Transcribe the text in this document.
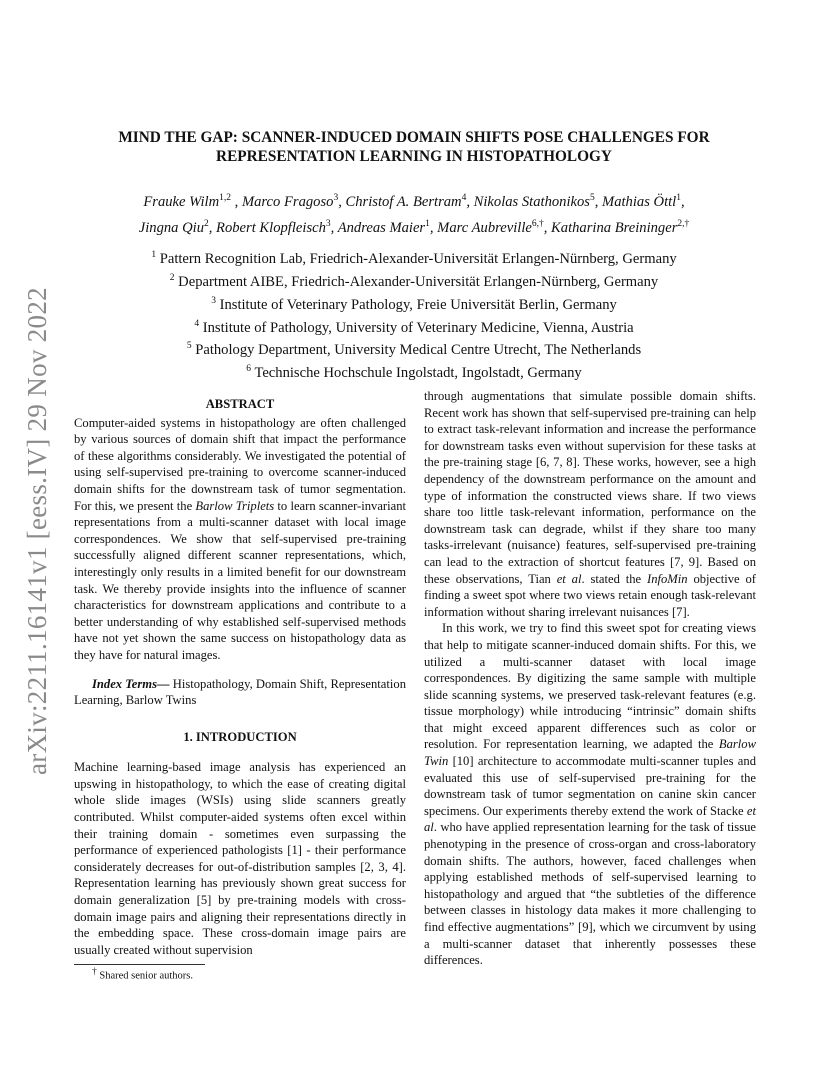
arXiv:2211.16141v1 [eess.IV] 29 Nov 2022
MIND THE GAP: SCANNER-INDUCED DOMAIN SHIFTS POSE CHALLENGES FOR
REPRESENTATION LEARNING IN HISTOPATHOLOGY
Frauke Wilm$^{1,2}$ , Marco Fragoso$^3$, Christof A. Bertram$^4$, Nikolas Stathonikos$^5$, Mathias Öttl$^1$,
Jingna Qiu$^2$, Robert Klopfleisch$^3$, Andreas Maier$^1$, Marc Aubreville$^{6,\dagger}$, Katharina Breininger$^{2,\dagger}$
$^1$ Pattern Recognition Lab, Friedrich-Alexander-Universität Erlangen-Nürnberg, Germany
$^2$ Department AIBE, Friedrich-Alexander-Universität Erlangen-Nürnberg, Germany
$^3$ Institute of Veterinary Pathology, Freie Universität Berlin, Germany
$^4$ Institute of Pathology, University of Veterinary Medicine, Vienna, Austria
$^5$ Pathology Department, University Medical Centre Utrecht, The Netherlands
$^6$ Technische Hochschule Ingolstadt, Ingolstadt, Germany
ABSTRACT

Computer-aided systems in histopathology are often challenged by various sources of domain shift that impact the performance of these algorithms considerably. We investigated the potential of using self-supervised pre-training to overcome scanner-induced domain shifts for the downstream task of tumor segmentation. For this, we present the Barlow Triplets to learn scanner-invariant representations from a multi-scanner dataset with local image correspondences. We show that self-supervised pre-training successfully aligned different scanner representations, which, interestingly only results in a limited benefit for our downstream task. We thereby provide insights into the influence of scanner characteristics for downstream applications and contribute to a better understanding of why established self-supervised methods have not yet shown the same success on histopathology data as they have for natural images.

Index Terms— Histopathology, Domain Shift, Representation Learning, Barlow Twins

1. INTRODUCTION

Machine learning-based image analysis has experienced an upswing in histopathology, to which the ease of creating digital whole slide images (WSIs) using slide scanners greatly contributed. Whilst computer-aided systems often excel within their training domain - sometimes even surpassing the performance of experienced pathologists [1] - their performance considerately decreases for out-of-distribution samples [2, 3, 4]. Representation learning has previously shown great success for domain generalization [5] by pre-training models with cross-domain image pairs and aligning their representations directly in the embedding space. These cross-domain image pairs are usually created without supervision

through augmentations that simulate possible domain shifts. Recent work has shown that self-supervised pre-training can help to extract task-relevant information and increase the performance for downstream tasks even without supervision for these tasks at the pre-training stage [6, 7, 8]. These works, however, see a high dependency of the downstream performance on the amount and type of information the constructed views share. If two views share too little task-relevant information, performance on the downstream task can degrade, whilst if they share too many tasks-irrelevant (nuisance) features, self-supervised pre-training can lead to the extraction of shortcut features [7, 9]. Based on these observations, Tian et al. stated the InfoMin objective of finding a sweet spot where two views retain enough task-relevant information without sharing irrelevant nuisances [7].

In this work, we try to find this sweet spot for creating views that help to mitigate scanner-induced domain shifts. For this, we utilized a multi-scanner dataset with local image correspondences. By digitizing the same sample with multiple slide scanning systems, we preserved task-relevant features (e.g. tissue morphology) while introducing “intrinsic” domain shifts that might exceed apparent differences such as color or resolution. For representation learning, we adapted the Barlow Twin [10] architecture to accommodate multi-scanner tuples and evaluated this use of self-supervised pre-training for the downstream task of tumor segmentation on canine skin cancer specimens. Our experiments thereby extend the work of Stacke et al. who have applied representation learning for the task of tissue phenotyping in the presence of cross-organ and cross-laboratory domain shifts. The authors, however, faced challenges when applying established methods of self-supervised learning to histopathology and argued that “the subtleties of the difference between classes in histology data makes it more challenging to find effective augmentations” [9], which we circumvent by using a multi-scanner dataset that inherently possesses these differences.

† Shared senior authors.
